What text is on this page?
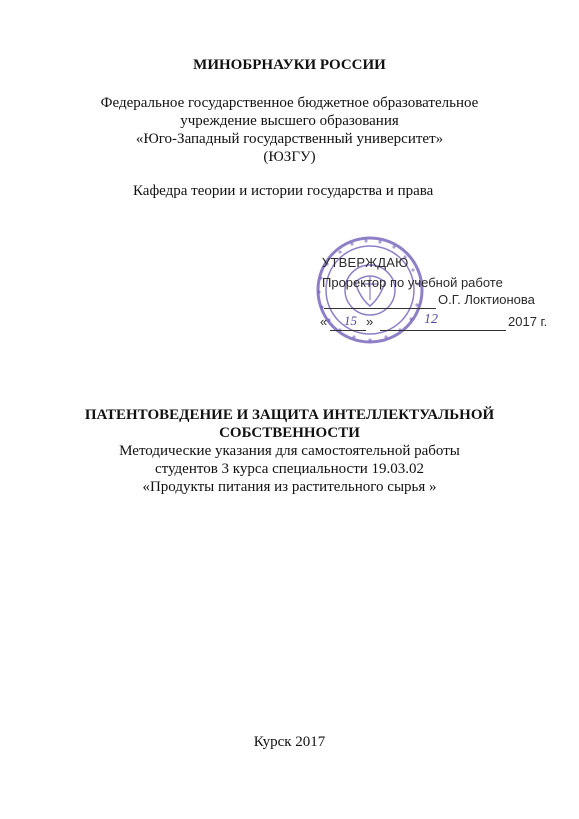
МИНОБРНАУКИ РОССИИ
Федеральное государственное бюджетное образовательное
учреждение высшего образования
«Юго-Западный государственный университет»
(ЮЗГУ)
Кафедра теории и истории государства и права
УТВЕРЖДАЮ
Проректор по учебной работе
О.Г. Локтионова
« 15 »	12	2017 г.
ПАТЕНТОВЕДЕНИЕ И ЗАЩИТА ИНТЕЛЛЕКТУАЛЬНОЙ
СОБСТВЕННОСТИ
Методические указания для самостоятельной работы
студентов 3 курса специальности 19.03.02
«Продукты питания из растительного сырья »
Курск 2017
